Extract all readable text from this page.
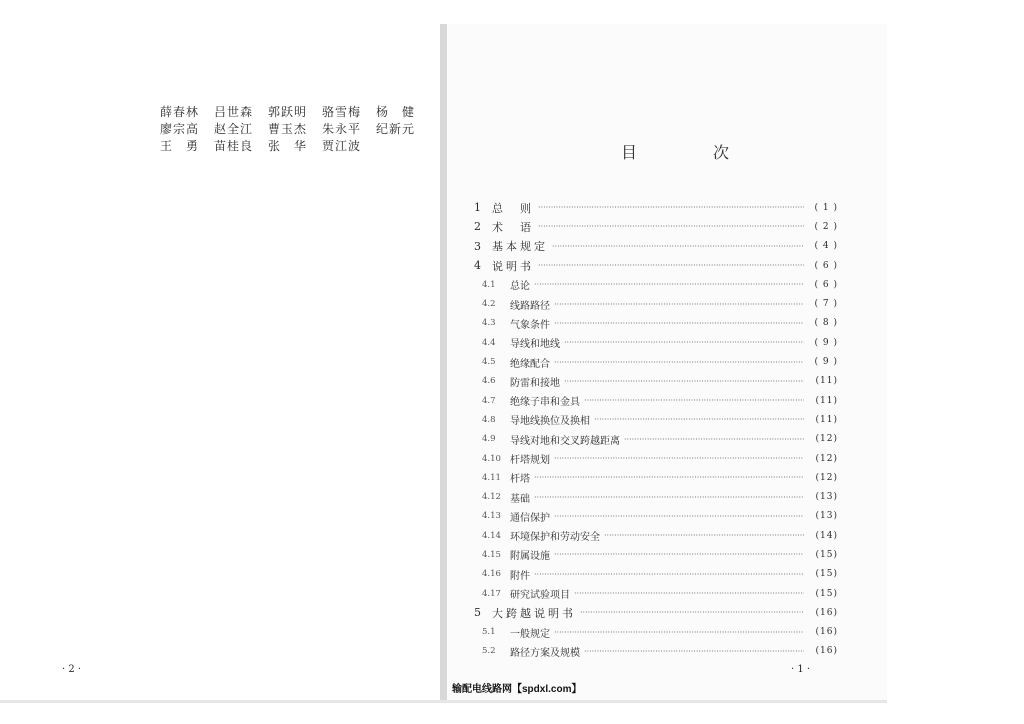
薛春林	吕世森	郭跃明	骆雪梅	杨　健
廖宗高	赵全江	曹玉杰	朱永平	纪新元
王　勇	苗桂良	张　华	贾江波
· 2 ·
目　次
1	总　则 ·····	( 1 )
2	术　语 ·····	( 2 )
3	基本规定 ·····	( 4 )
4	说明书 ·····	( 6 )
4.1	总论 ·····	( 6 )
4.2	线路路径 ·····	( 7 )
4.3	气象条件 ·····	( 8 )
4.4	导线和地线 ·····	( 9 )
4.5	绝缘配合 ·····	( 9 )
4.6	防雷和接地 ·····	(11)
4.7	绝缘子串和金具 ·····	(11)
4.8	导地线换位及换相 ·····	(11)
4.9	导线对地和交叉跨越距离 ·····	(12)
4.10 杆塔规划 ·····	(12)
4.11 杆塔 ·····	(12)
4.12 基础 ·····	(13)
4.13 通信保护 ·····	(13)
4.14 环境保护和劳动安全 ·····	(14)
4.15 附属设施 ·····	(15)
4.16 附件 ·····	(15)
4.17 研究试验项目 ·····	(15)
5	大跨越说明书 ·····	(16)
5.1	一般规定 ·····	(16)
5.2	路径方案及规模 ·····	(16)
· 1 ·
输配电线路网【spdxl.com】
